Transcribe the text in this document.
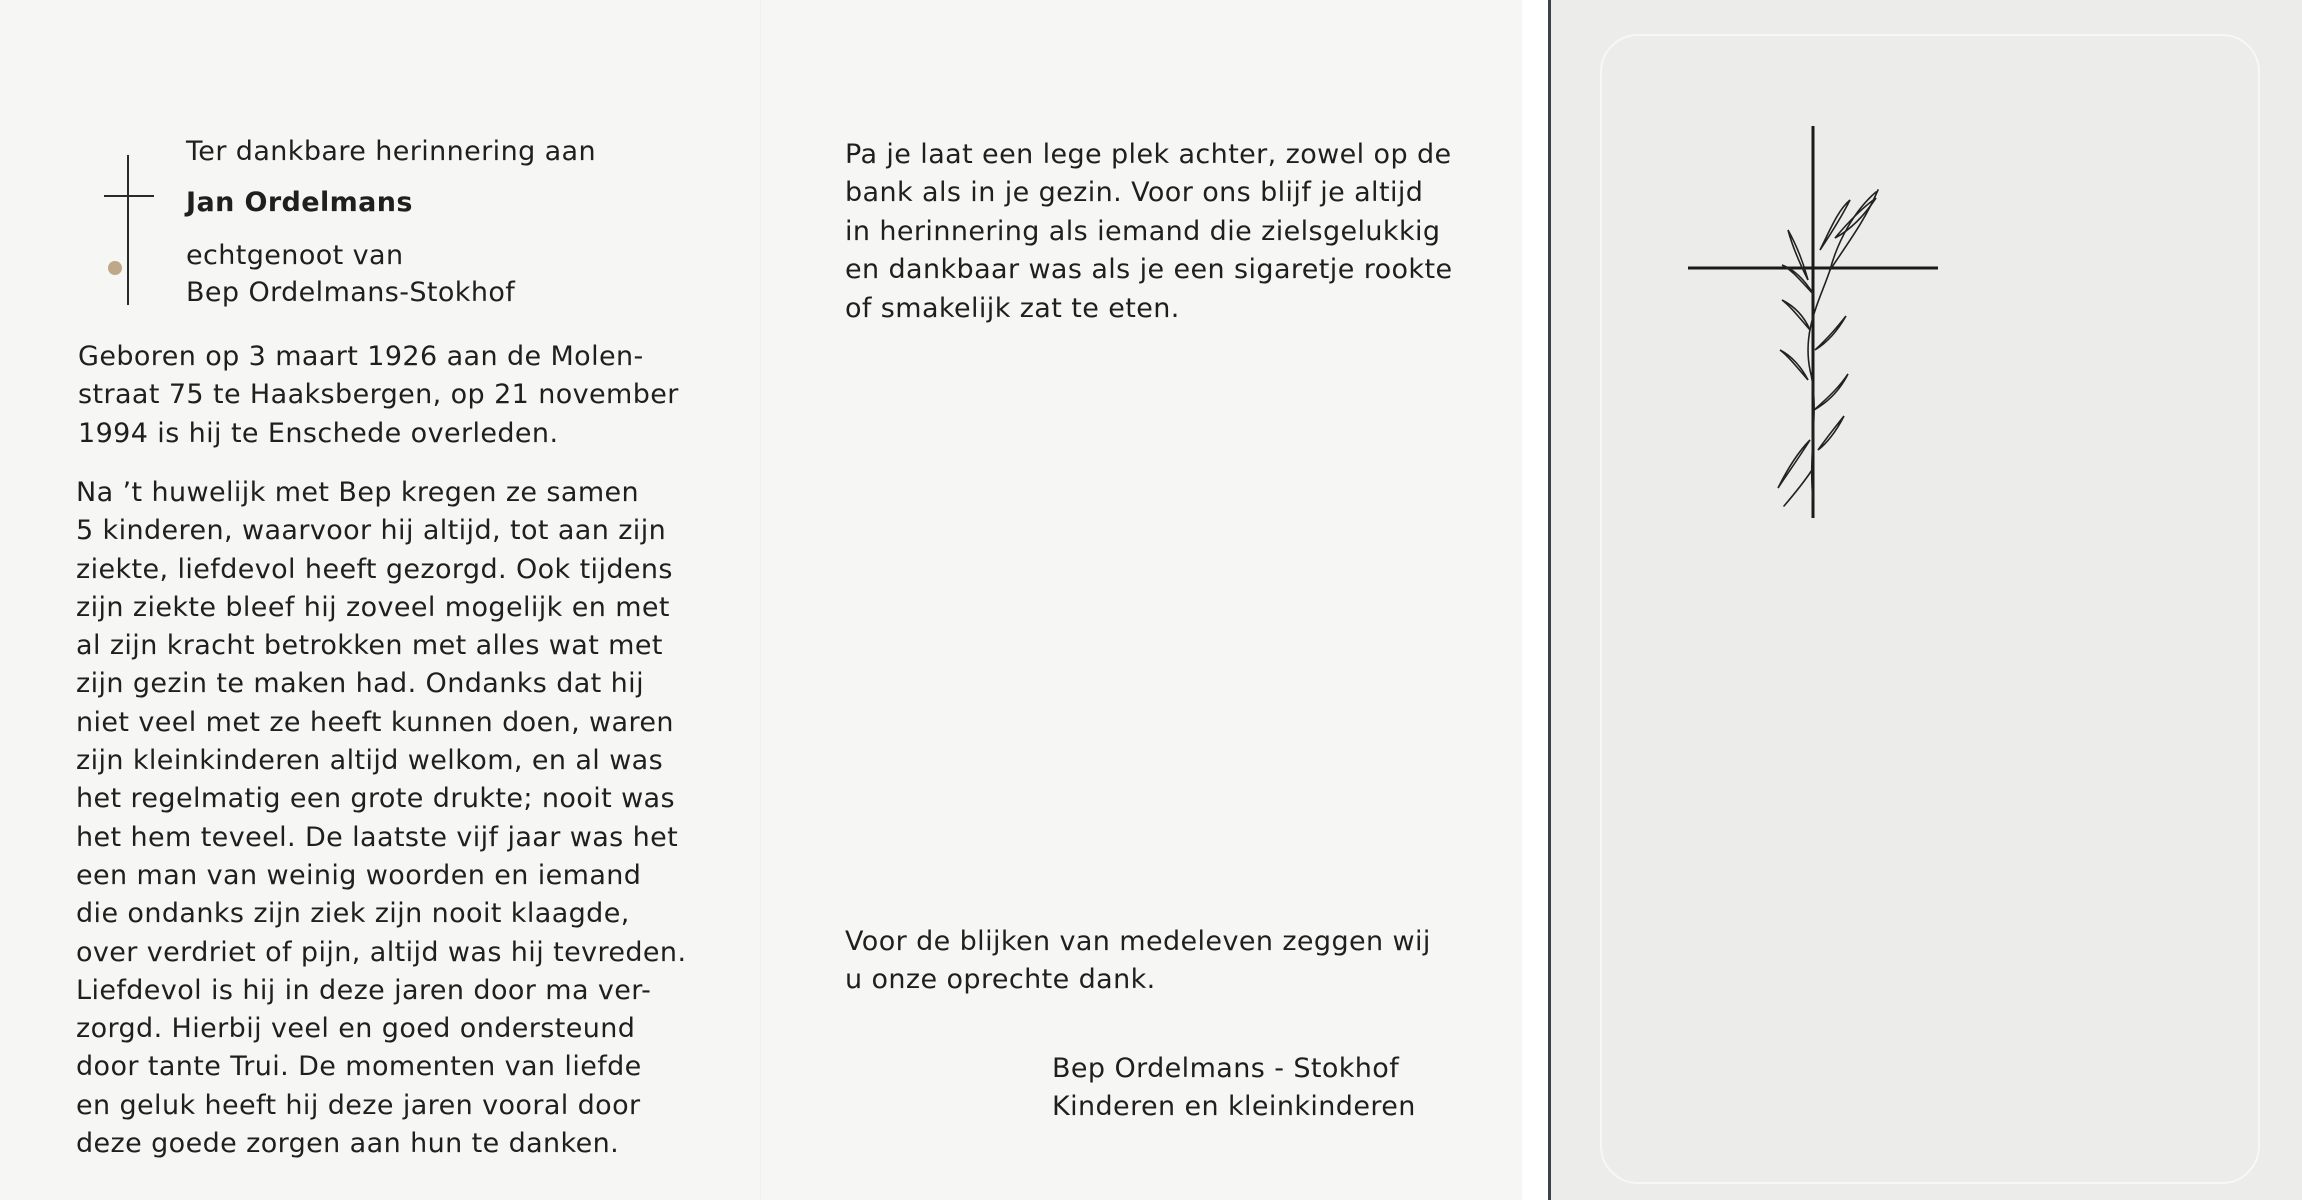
Ter dankbare herinnering aan

Jan Ordelmans

echtgenoot van

Bep Ordelmans-Stokhof

Geboren op 3 maart 1926 aan de Molen-
straat 75 te Haaksbergen, op 21 november
1994 is hij te Enschede overleden.
Na ’t huwelijk met Bep kregen ze samen
5 kinderen, waarvoor hij altijd, tot aan zijn
ziekte, liefdevol heeft gezorgd. Ook tijdens
zijn ziekte bleef hij zoveel mogelijk en met
al zijn kracht betrokken met alles wat met
zijn gezin te maken had. Ondanks dat hij
niet veel met ze heeft kunnen doen, waren
zijn kleinkinderen altijd welkom, en al was
het regelmatig een grote drukte; nooit was
het hem teveel. De laatste vijf jaar was het
een man van weinig woorden en iemand
die ondanks zijn ziek zijn nooit klaagde,
over verdriet of pijn, altijd was hij tevreden.
Liefdevol is hij in deze jaren door ma ver-
zorgd. Hierbij veel en goed ondersteund
door tante Trui. De momenten van liefde
en geluk heeft hij deze jaren vooral door
deze goede zorgen aan hun te danken.
Pa je laat een lege plek achter, zowel op de
bank als in je gezin. Voor ons blijf je altijd
in herinnering als iemand die zielsgelukkig
en dankbaar was als je een sigaretje rookte
of smakelijk zat te eten.
Voor de blijken van medeleven zeggen wij
u onze oprechte dank.
Bep Ordelmans - Stokhof
Kinderen en kleinkinderen
